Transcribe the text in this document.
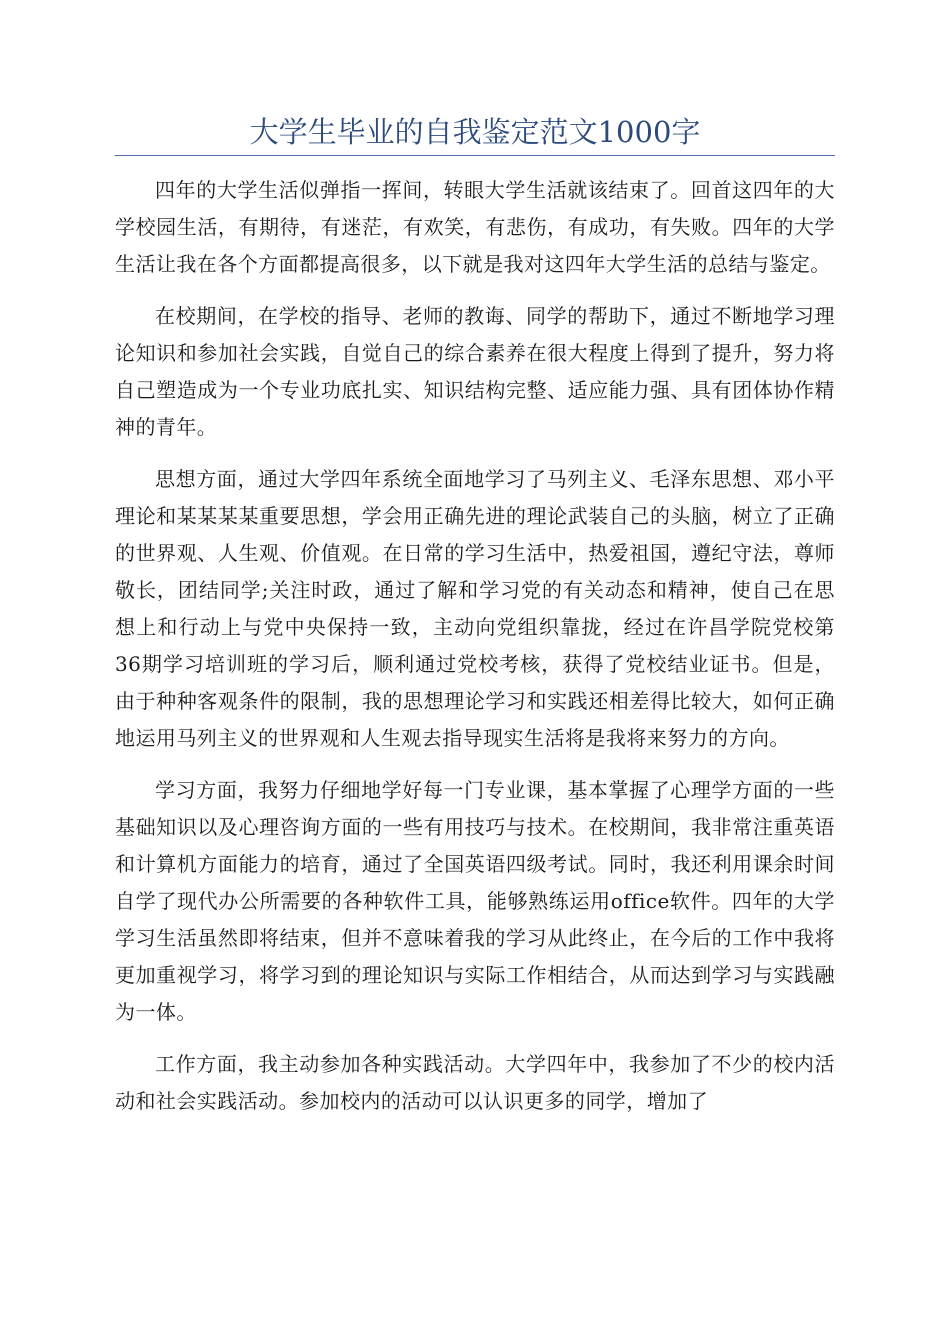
大学生毕业的自我鉴定范文1000字

四年的大学生活似弹指一挥间，转眼大学生活就该结束了。回首这四年的大学校园生活，有期待，有迷茫，有欢笑，有悲伤，有成功，有失败。四年的大学生活让我在各个方面都提高很多，以下就是我对这四年大学生活的总结与鉴定。

在校期间，在学校的指导、老师的教诲、同学的帮助下，通过不断地学习理论知识和参加社会实践，自觉自己的综合素养在很大程度上得到了提升，努力将自己塑造成为一个专业功底扎实、知识结构完整、适应能力强、具有团体协作精神的青年。

思想方面，通过大学四年系统全面地学习了马列主义、毛泽东思想、邓小平理论和某某某某重要思想，学会用正确先进的理论武装自己的头脑，树立了正确的世界观、人生观、价值观。在日常的学习生活中，热爱祖国，遵纪守法，尊师敬长，团结同学;关注时政，通过了解和学习党的有关动态和精神，使自己在思想上和行动上与党中央保持一致，主动向党组织靠拢，经过在许昌学院党校第36期学习培训班的学习后，顺利通过党校考核，获得了党校结业证书。但是，由于种种客观条件的限制，我的思想理论学习和实践还相差得比较大，如何正确地运用马列主义的世界观和人生观去指导现实生活将是我将来努力的方向。

学习方面，我努力仔细地学好每一门专业课，基本掌握了心理学方面的一些基础知识以及心理咨询方面的一些有用技巧与技术。在校期间，我非常注重英语和计算机方面能力的培育，通过了全国英语四级考试。同时，我还利用课余时间自学了现代办公所需要的各种软件工具，能够熟练运用office软件。四年的大学学习生活虽然即将结束，但并不意味着我的学习从此终止，在今后的工作中我将更加重视学习，将学习到的理论知识与实际工作相结合，从而达到学习与实践融为一体。

工作方面，我主动参加各种实践活动。大学四年中，我参加了不少的校内活动和社会实践活动。参加校内的活动可以认识更多的同学，增加了
